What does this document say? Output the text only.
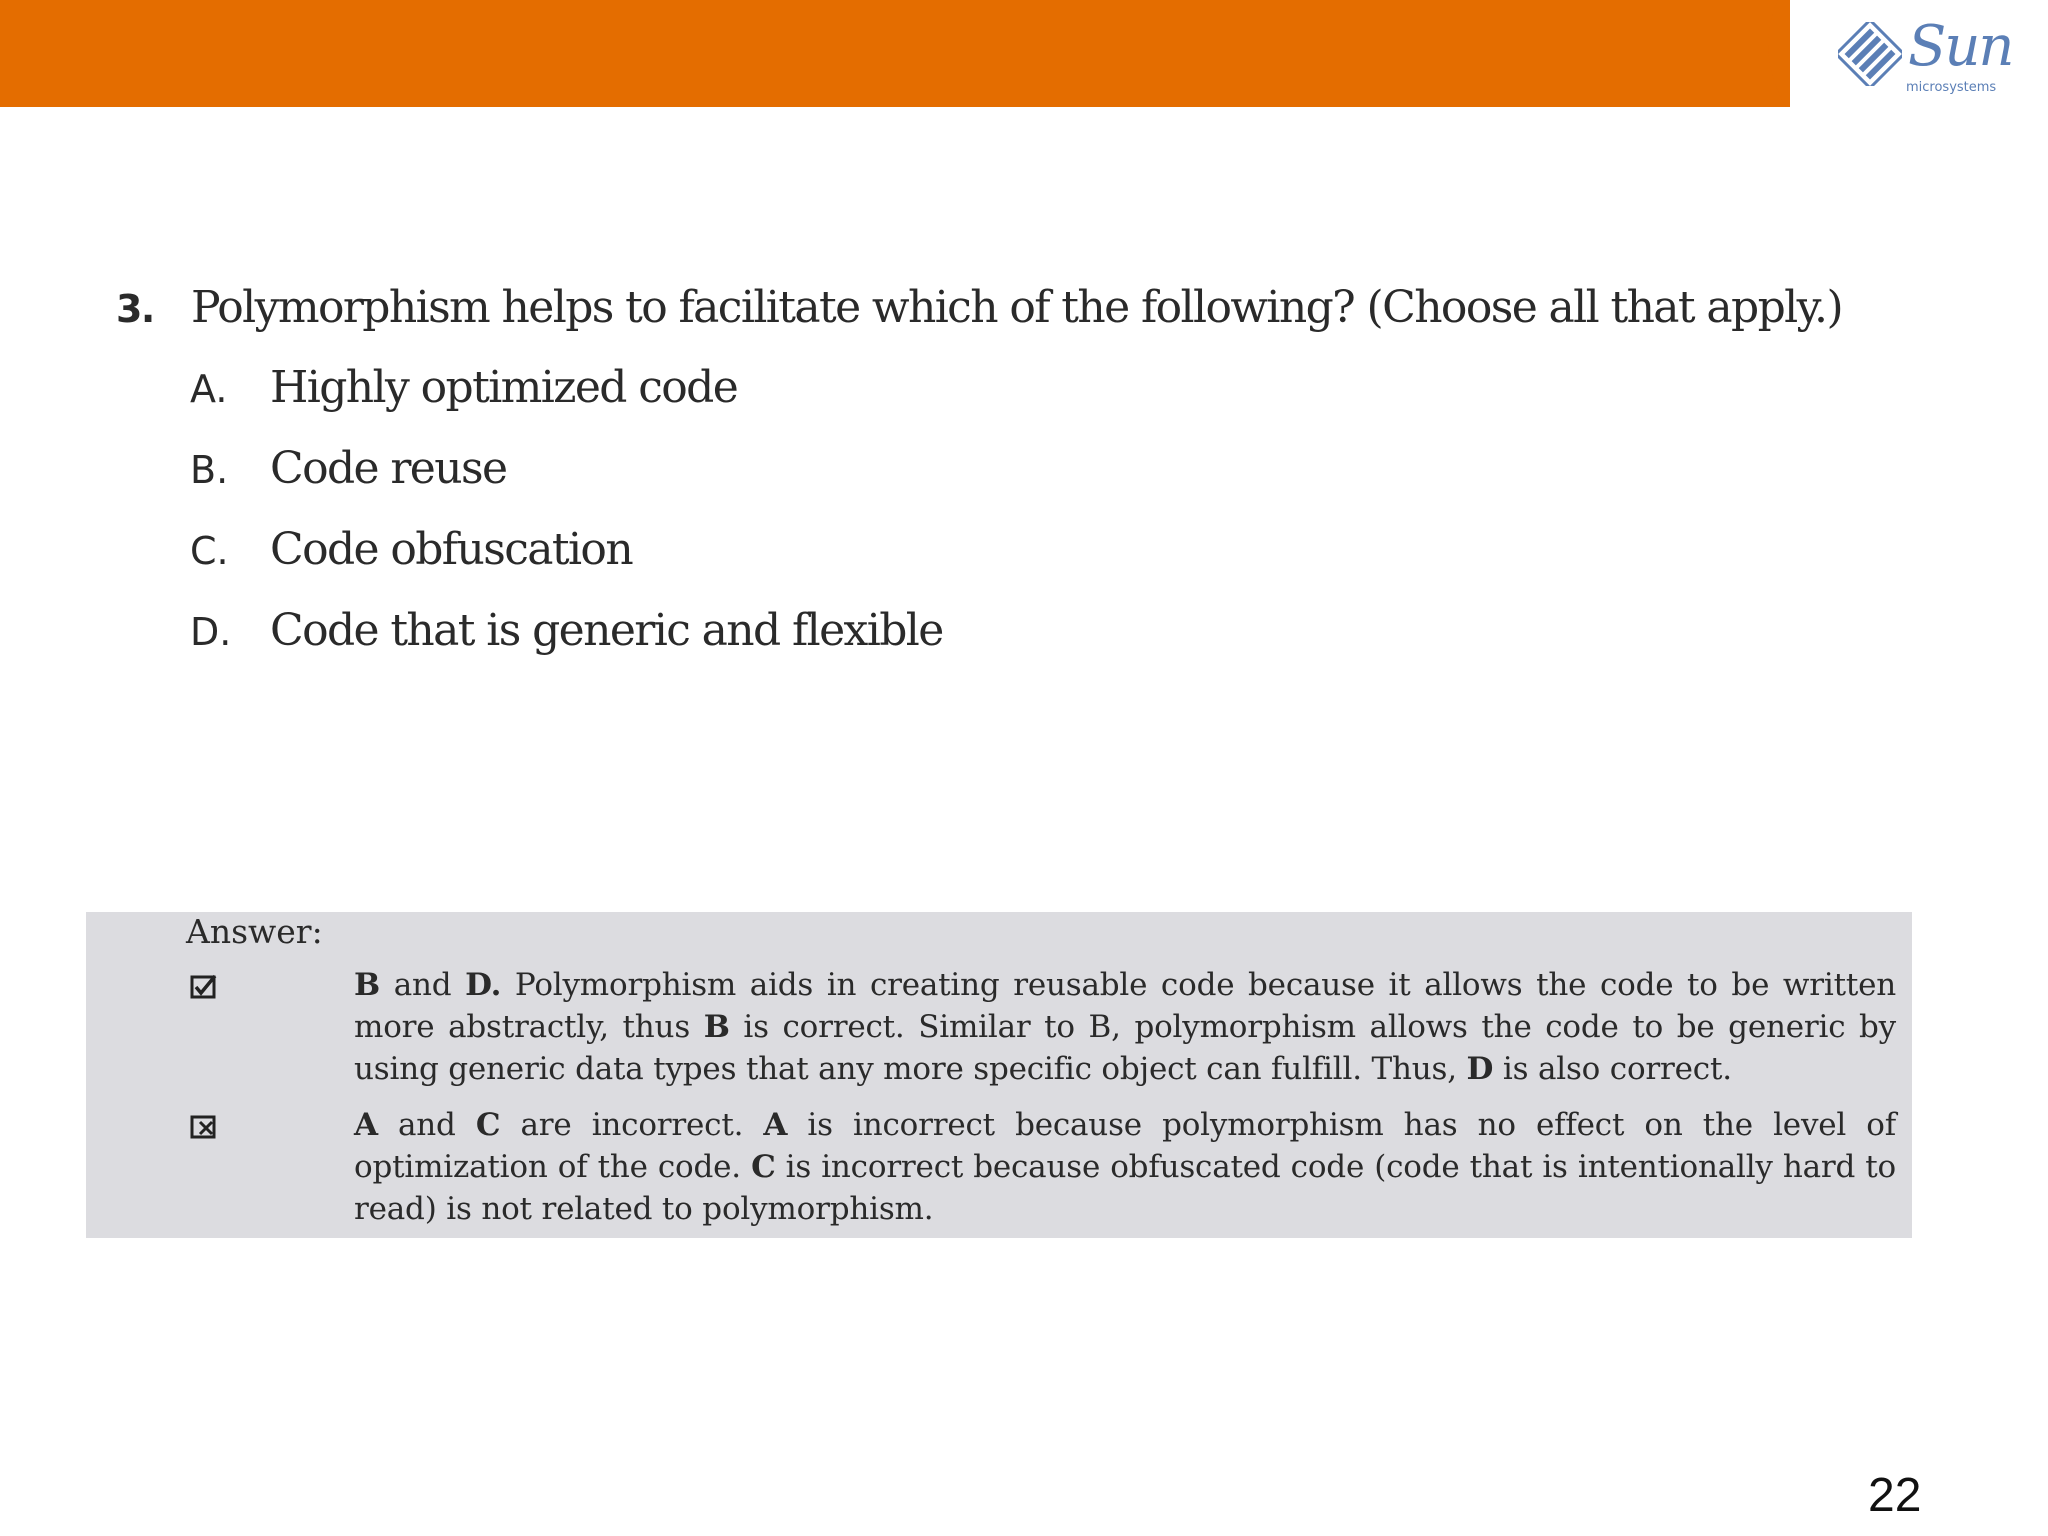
Sun
microsystems
3. Polymorphism helps to facilitate which of the following? (Choose all that apply.)
A. Highly optimized code
B. Code reuse
C. Code obfuscation
D. Code that is generic and flexible
Answer:
B and D. Polymorphism aids in creating reusable code because it allows the code to be written more abstractly, thus B is correct. Similar to B, polymorphism allows the code to be generic by using generic data types that any more specific object can fulfill. Thus, D is also correct.
A and C are incorrect. A is incorrect because polymorphism has no effect on the level of optimization of the code. C is incorrect because obfuscated code (code that is intentionally hard to read) is not related to polymorphism.
22
